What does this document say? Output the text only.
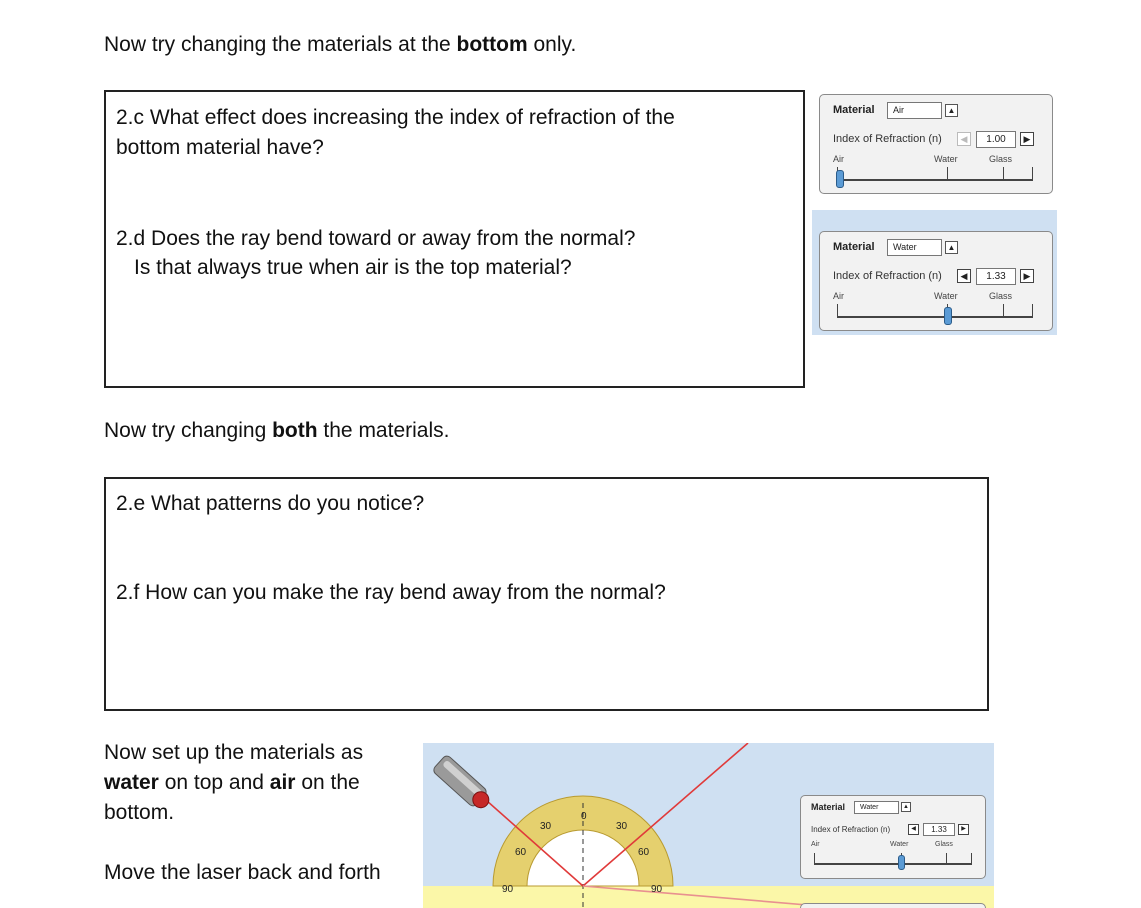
Now try changing the materials at the bottom only.
2.c What effect does increasing the index of refraction of the
bottom material have?
2.d Does the ray bend toward or away from the normal?
Is that always true when air is the top material?
Material	Air	▲
Index of Refraction (n)	◀	1.00	▶
Air	Water	Glass
Material	Water	▲
Index of Refraction (n)	◀	1.33	▶
Air	Water	Glass
Now try changing both the materials.
2.e What patterns do you notice?
2.f How can you make the ray bend away from the normal?
Now set up the materials as
water on top and air on the
bottom.
Move the laser back and forth
0
30	30
60	60
90	90
Material	Water	▲
Index of Refraction (n)	◀	1.33	▶
Air	Water	Glass
